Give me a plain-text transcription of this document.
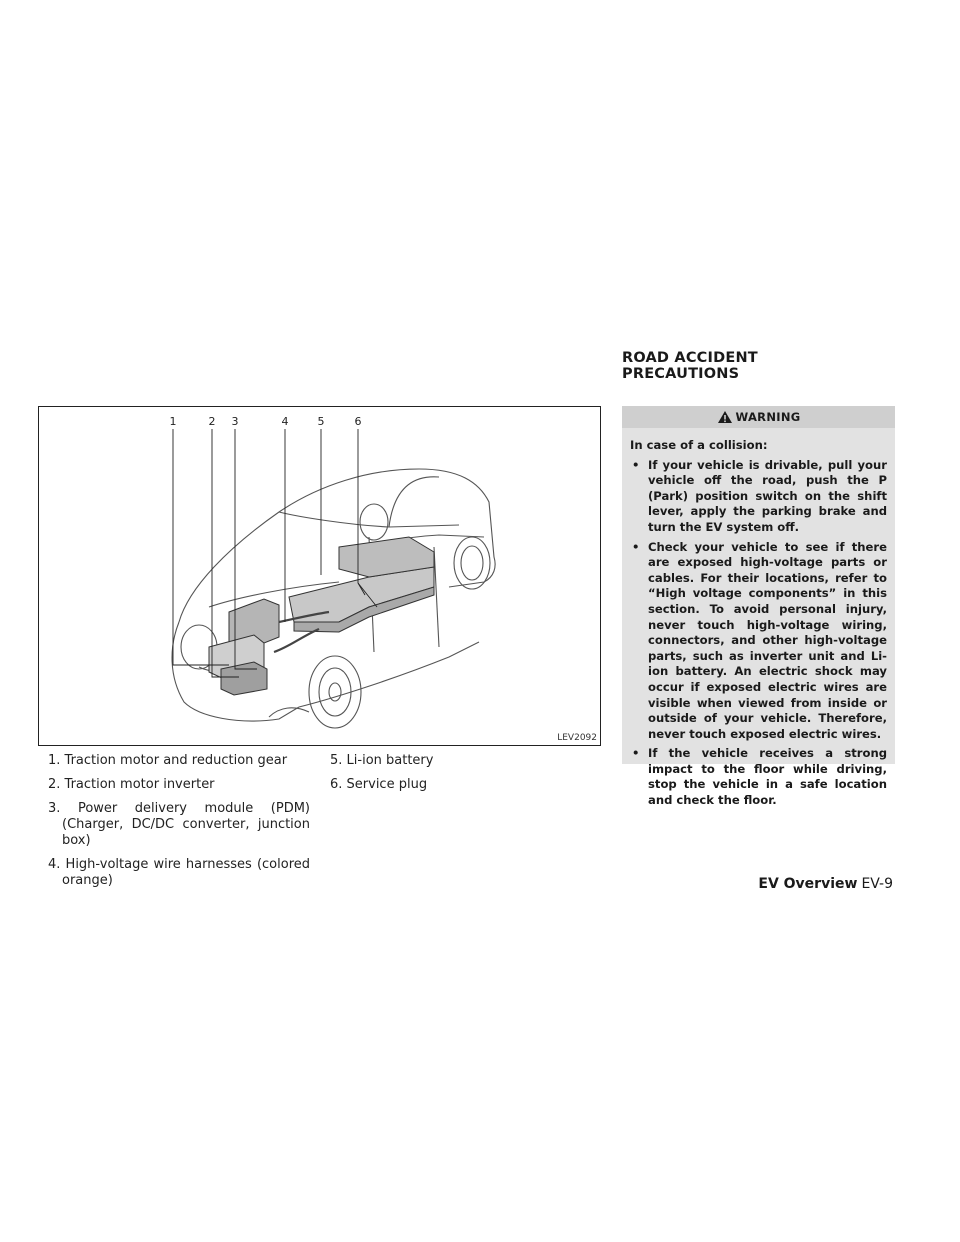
ROAD ACCIDENT PRECAUTIONS
1	2 3	4	5	6
LEV2092
1. Traction motor and reduction gear
2. Traction motor inverter
3. Power delivery module (PDM) (Charger, DC/DC converter, junction box)
4. High-voltage wire harnesses (colored orange)
5. Li-ion battery
6. Service plug
WARNING
In case of a collision:
• If your vehicle is drivable, pull your vehicle off the road, push the P (Park) position switch on the shift lever, apply the parking brake and turn the EV system off.
• Check your vehicle to see if there are exposed high-voltage parts or cables. For their locations, refer to “High voltage components” in this section. To avoid personal injury, never touch high-voltage wiring, connectors, and other high-voltage parts, such as inverter unit and Li-ion battery. An electric shock may occur if exposed electric wires are visible when viewed from inside or outside of your vehicle. Therefore, never touch exposed electric wires.
• If the vehicle receives a strong impact to the floor while driving, stop the vehicle in a safe location and check the floor.
EV Overview EV-9
